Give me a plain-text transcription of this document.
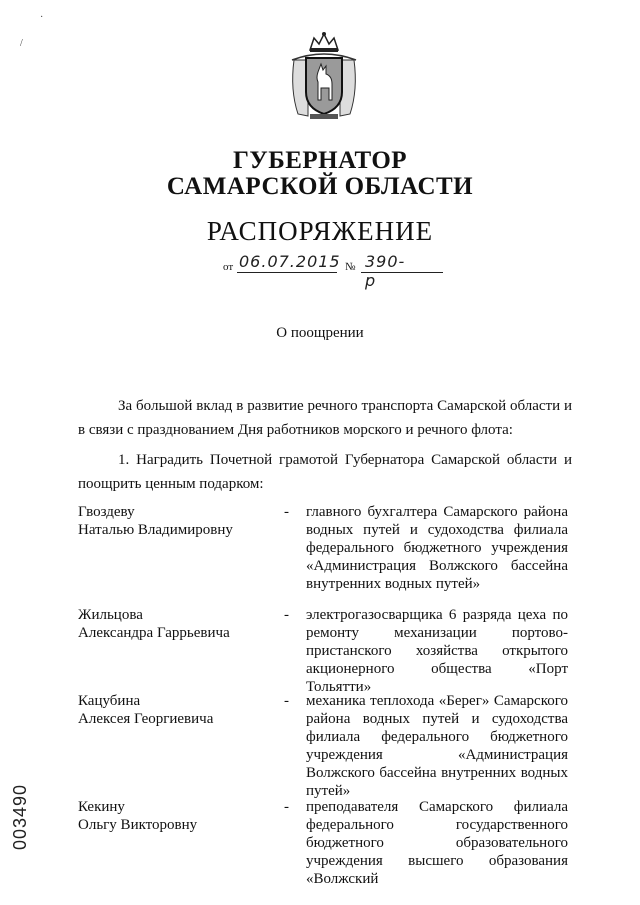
·
/
ГУБЕРНАТОР
САМАРСКОЙ ОБЛАСТИ
РАСПОРЯЖЕНИЕ
от 06.07.2015 № 390-р
О поощрении
За большой вклад в развитие речного транспорта Самарской области и в связи с празднованием Дня работников морского и речного флота:
1. Наградить Почетной грамотой Губернатора Самарской области и поощрить ценным подарком:
Гвоздеву
Наталью Владимировну
- главного бухгалтера Самарского района водных путей и судоходства филиала федерального бюджетного учреждения «Администрация Волжского бассейна внутренних водных путей»
Жильцова
Александра Гаррьевича
- электрогазосварщика 6 разряда цеха по ремонту механизации портово-пристанского хозяйства открытого акционерного общества «Порт Тольятти»
Кацубина
Алексея Георгиевича
- механика теплохода «Берег» Самарского района водных путей и судоходства филиала федерального бюджетного учреждения «Администрация Волжского бассейна внутренних водных путей»
Кекину
Ольгу Викторовну
- преподавателя Самарского филиала федерального государственного бюджетного образовательного учреждения высшего образования «Волжский
003490
